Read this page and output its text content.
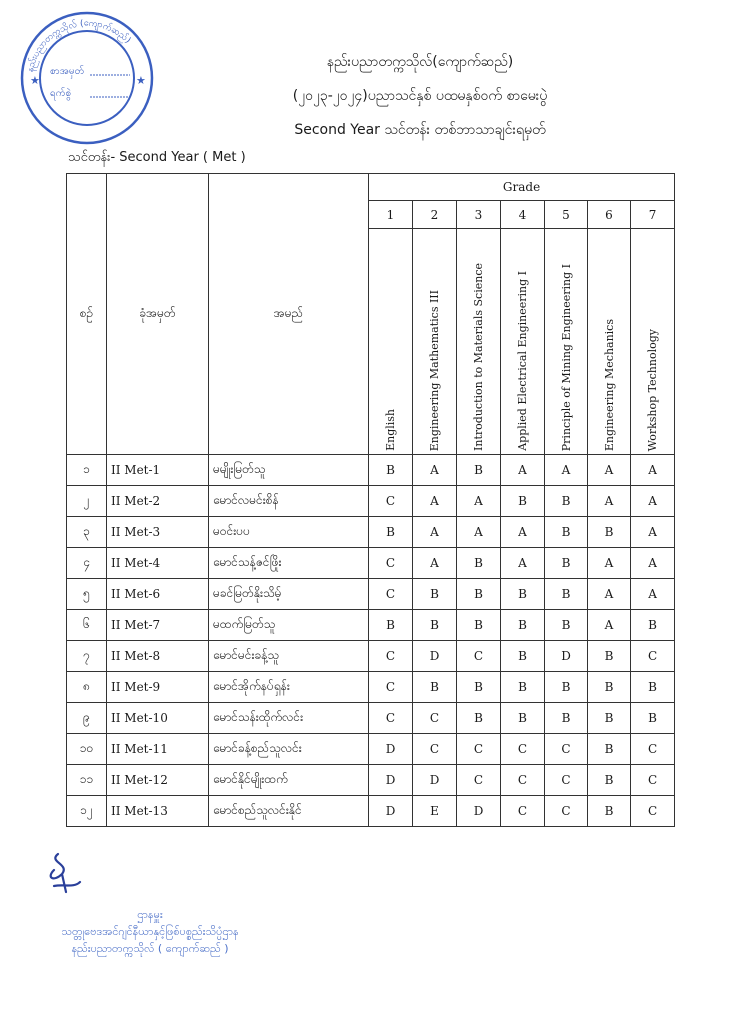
နည်းပညာတက္ကသိုလ် (ကျောက်ဆည်)
စာအမှတ်
ရက်စွဲ
★	★
နည်းပညာတက္ကသိုလ်(ကျောက်ဆည်)
(၂၀၂၃-၂၀၂၄)ပညာသင်နှစ် ပထမနှစ်ဝက် စာမေးပွဲ
Second Year သင်တန်း တစ်ဘာသာချင်းရမှတ်
သင်တန်း- Second Year ( Met )
စဉ်	ခုံအမှတ်	အမည်	Grade						
			1	2	3	4	5	6	7
			English	Engineering Mathematics III	Introduction to Materials Science	Applied Electrical Engineering I	Principle of Mining Engineering I	Engineering Mechanics	Workshop Technology
၁	II Met-1	မမျိုးမြတ်သူ	B	A	B	A	A	A	A
၂	II Met-2	မောင်လမင်းစိန်	C	A	A	B	B	A	A
၃	II Met-3	မဝင်းပပ	B	A	A	A	B	B	A
၄	II Met-4	မောင်သန့်ဇင်ဖြိုး	C	A	B	A	B	A	A
၅	II Met-6	မခင်မြတ်နိုးသိမ့်	C	B	B	B	B	A	A
၆	II Met-7	မထက်မြတ်သူ	B	B	B	B	B	A	B
၇	II Met-8	မောင်မင်းခန့်သူ	C	D	C	B	D	B	C
၈	II Met-9	မောင်အိုက်နပ်ရှန်း	C	B	B	B	B	B	B
၉	II Met-10	မောင်သန်းထိုက်လင်း	C	C	B	B	B	B	B
၁၀	II Met-11	မောင်ခန့်စည်သူလင်း	D	C	C	C	C	B	C
၁၁	II Met-12	မောင်နိုင်မျိုးထက်	D	D	C	C	C	B	C
၁၂	II Met-13	မောင်စည်သူလင်းနိုင်	D	E	D	C	C	B	C
ဌာနမှူး
သတ္တုဗေဒအင်ဂျင်နီယာနှင့်ဖြစ်ပစ္စည်းသိပ္ပံဌာန
နည်းပညာတက္ကသိုလ် ( ကျောက်ဆည် )
